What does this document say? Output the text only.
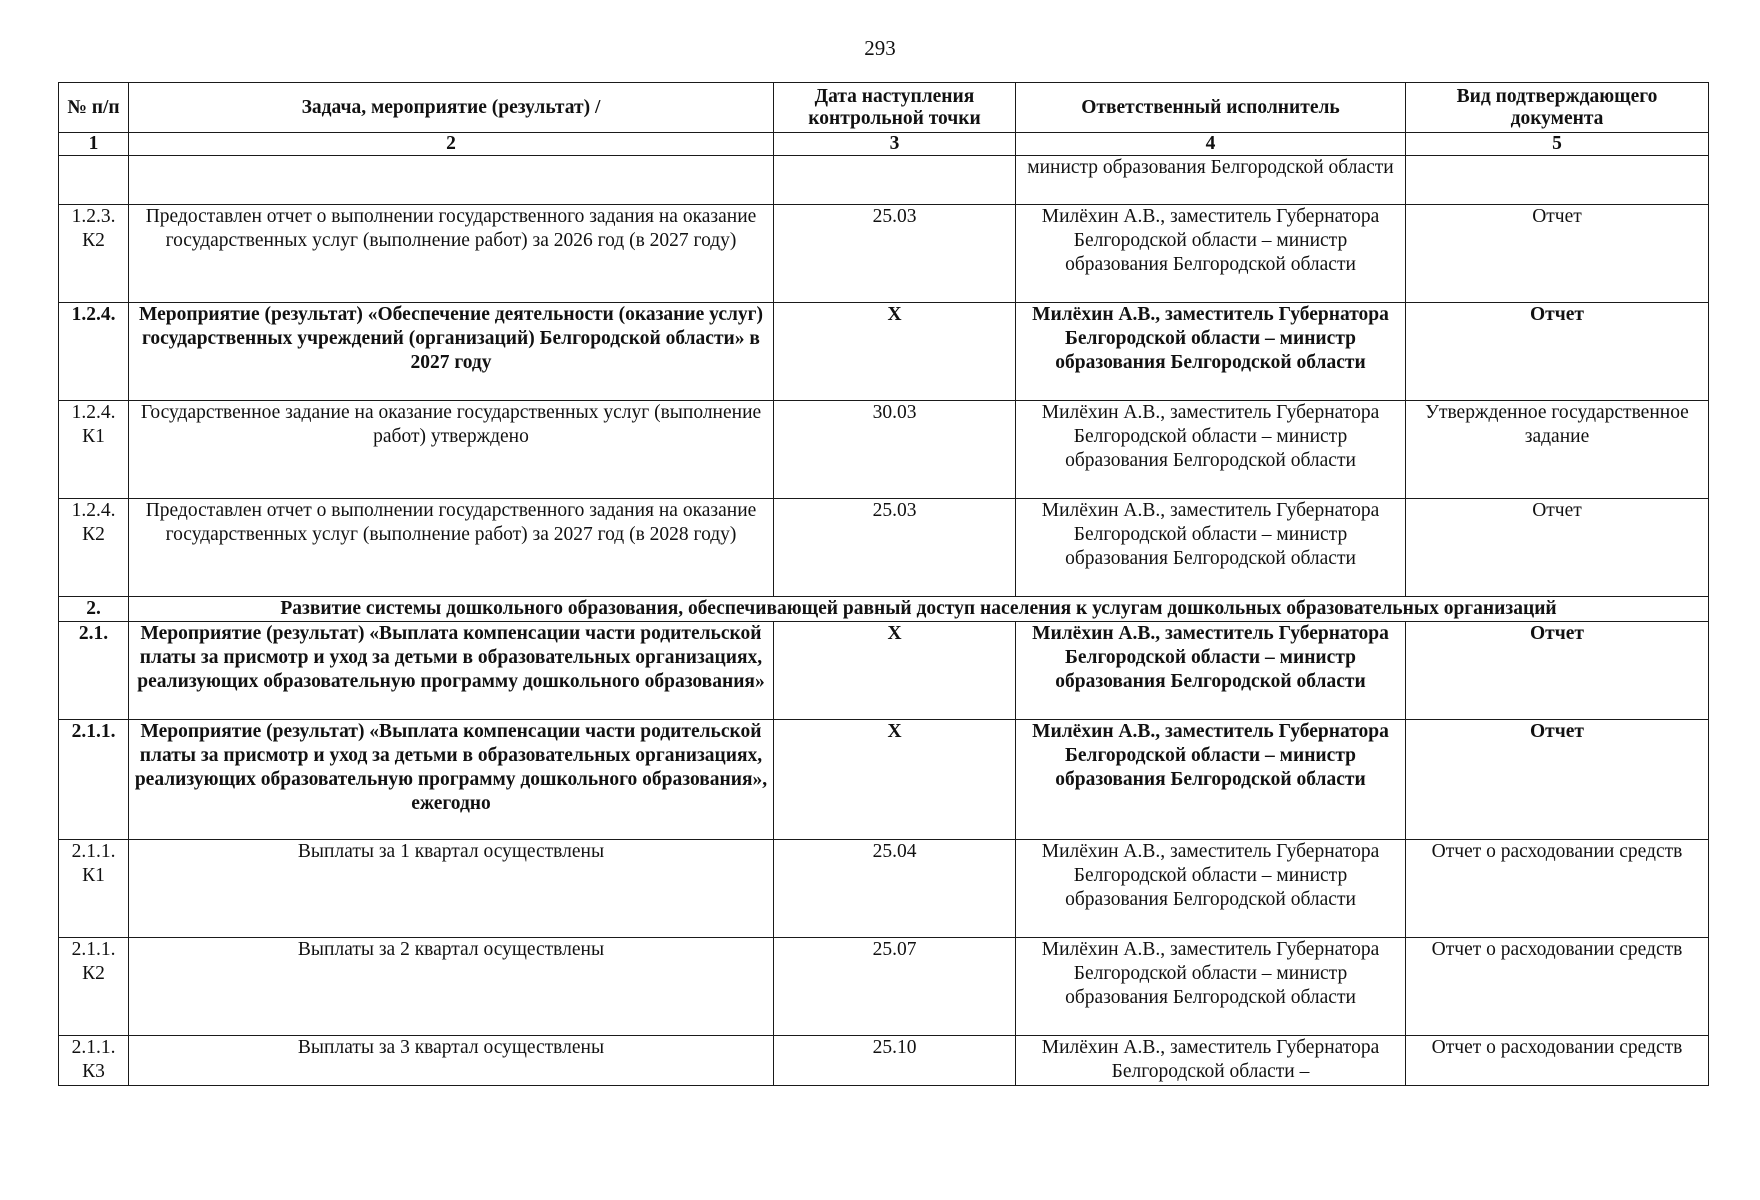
293
№ п/п	Задача, мероприятие (результат) /	Дата наступления контрольной точки	Ответственный исполнитель	Вид подтверждающего документа
1	2	3	4	5
			министр образования Белгородской области	
1.2.3. К2	Предоставлен отчет о выполнении государственного задания на оказание государственных услуг (выполнение работ) за 2026 год (в 2027 году)	25.03	Милёхин А.В., заместитель Губернатора Белгородской области – министр образования Белгородской области	Отчет
1.2.4.	Мероприятие (результат) «Обеспечение деятельности (оказание услуг) государственных учреждений (организаций) Белгородской области» в 2027 году	X	Милёхин А.В., заместитель Губернатора Белгородской области – министр образования Белгородской области	Отчет
1.2.4. К1	Государственное задание на оказание государственных услуг (выполнение работ) утверждено	30.03	Милёхин А.В., заместитель Губернатора Белгородской области – министр образования Белгородской области	Утвержденное государственное задание
1.2.4. К2	Предоставлен отчет о выполнении государственного задания на оказание государственных услуг (выполнение работ) за 2027 год (в 2028 году)	25.03	Милёхин А.В., заместитель Губернатора Белгородской области – министр образования Белгородской области	Отчет
2.	Развитие системы дошкольного образования, обеспечивающей равный доступ населения к услугам дошкольных образовательных организаций			
2.1.	Мероприятие (результат) «Выплата компенсации части родительской платы за присмотр и уход за детьми в образовательных организациях, реализующих образовательную программу дошкольного образования»	X	Милёхин А.В., заместитель Губернатора Белгородской области – министр образования Белгородской области	Отчет
2.1.1.	Мероприятие (результат) «Выплата компенсации части родительской платы за присмотр и уход за детьми в образовательных организациях, реализующих образовательную программу дошкольного образования», ежегодно	X	Милёхин А.В., заместитель Губернатора Белгородской области – министр образования Белгородской области	Отчет
2.1.1. К1	Выплаты за 1 квартал осуществлены	25.04	Милёхин А.В., заместитель Губернатора Белгородской области – министр образования Белгородской области	Отчет о расходовании средств
2.1.1. К2	Выплаты за 2 квартал осуществлены	25.07	Милёхин А.В., заместитель Губернатора Белгородской области – министр образования Белгородской области	Отчет о расходовании средств
2.1.1. К3	Выплаты за 3 квартал осуществлены	25.10	Милёхин А.В., заместитель Губернатора Белгородской области –	Отчет о расходовании средств
